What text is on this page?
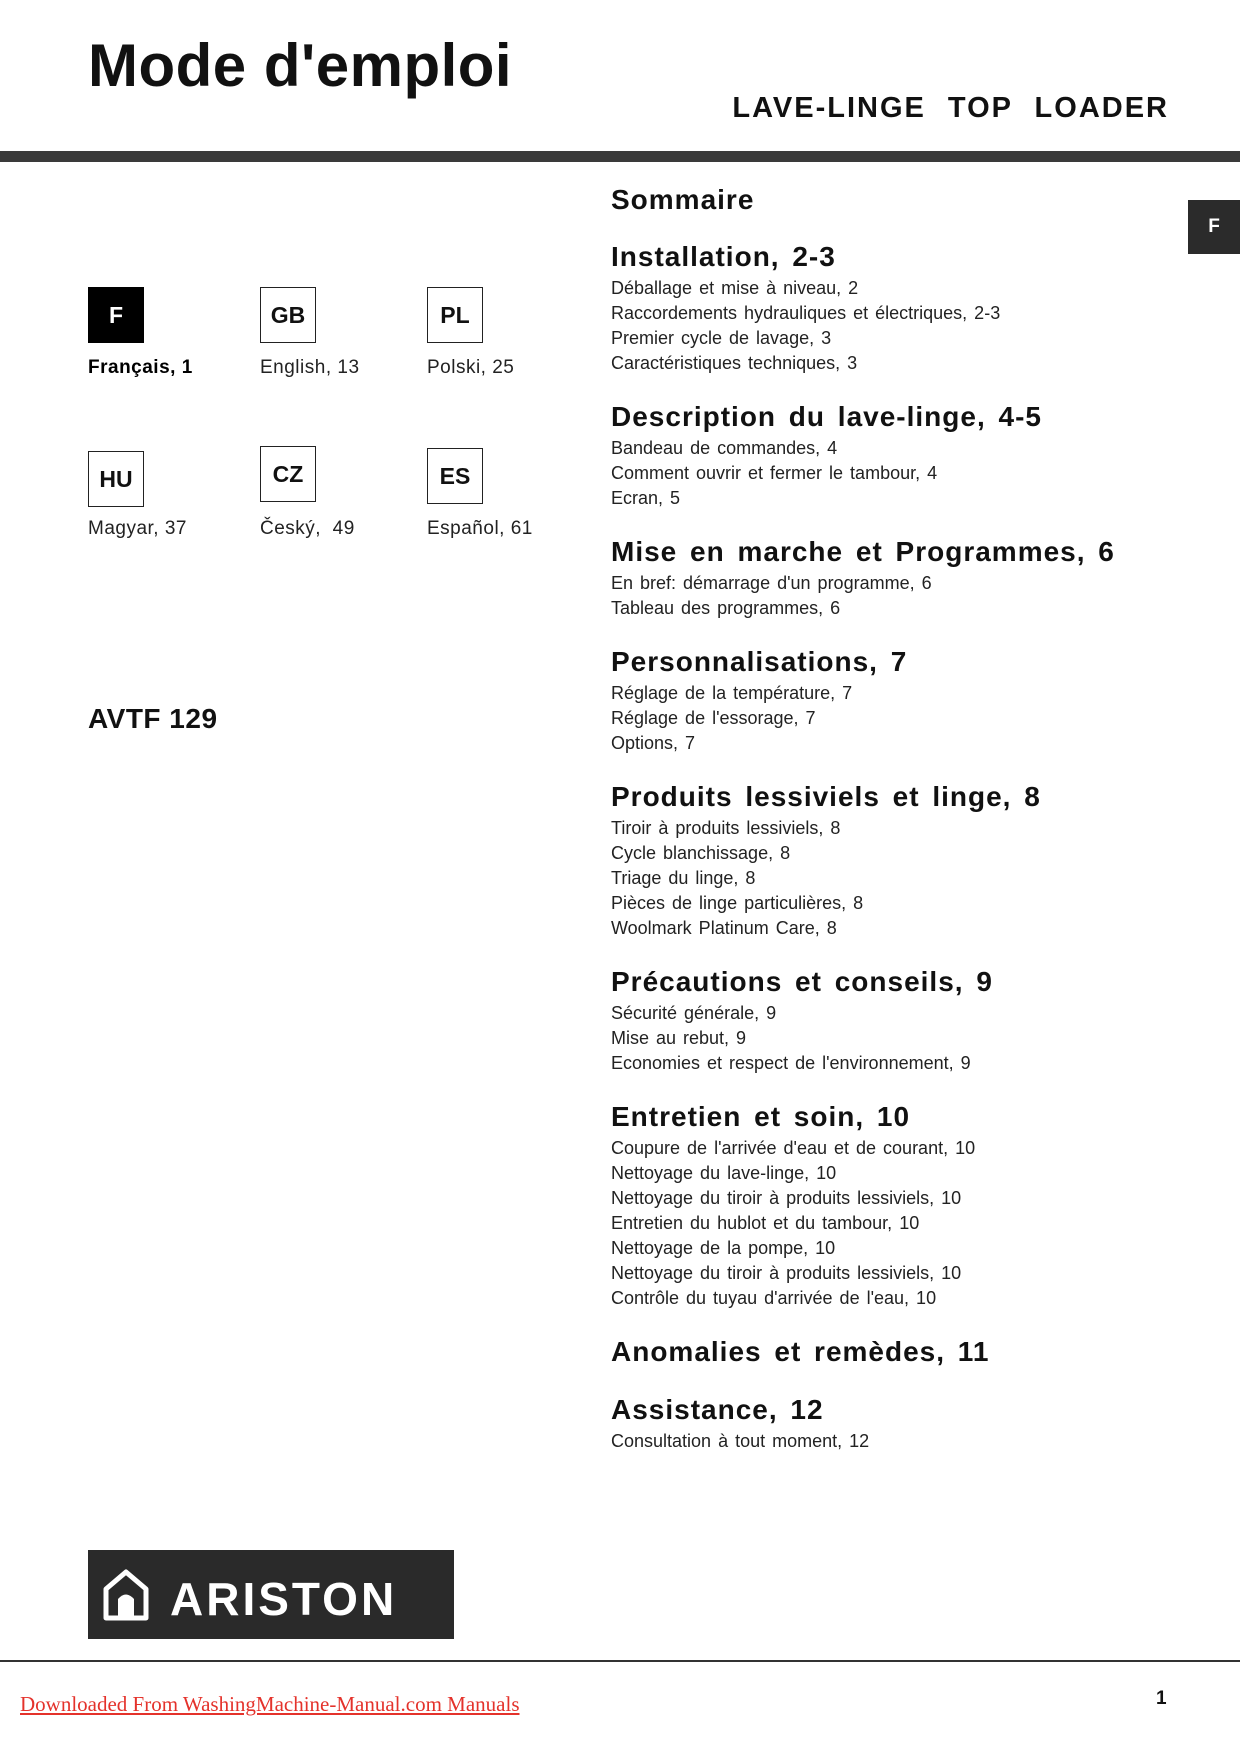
Mode d'emploi
LAVE-LINGE TOP LOADER
F
F
Français, 1
GB
English, 13
PL
Polski, 25
HU
Magyar, 37
CZ
Český,  49
ES
Español, 61
AVTF 129
Sommaire
Installation, 2-3
Déballage et mise à niveau, 2
Raccordements hydrauliques et électriques, 2-3
Premier cycle de lavage, 3
Caractéristiques techniques, 3
Description du lave-linge, 4-5
Bandeau de commandes, 4
Comment ouvrir et fermer le tambour, 4
Ecran, 5
Mise en marche et Programmes, 6
En bref: démarrage d'un programme, 6
Tableau des programmes, 6
Personnalisations, 7
Réglage de la température, 7
Réglage de l'essorage, 7
Options, 7
Produits lessiviels et linge, 8
Tiroir à produits lessiviels, 8
Cycle blanchissage, 8
Triage du linge, 8
Pièces de linge particulières, 8
Woolmark Platinum Care, 8
Précautions et conseils, 9
Sécurité générale, 9
Mise au rebut, 9
Economies et respect de l'environnement, 9
Entretien et soin, 10
Coupure de l'arrivée d'eau et de courant, 10
Nettoyage du lave-linge, 10
Nettoyage du tiroir à produits lessiviels, 10
Entretien du hublot et du tambour, 10
Nettoyage de la pompe, 10
Nettoyage du tiroir à produits lessiviels, 10
Contrôle du tuyau d'arrivée de l'eau, 10
Anomalies et remèdes, 11
Assistance, 12
Consultation à tout moment, 12
ARISTON
Downloaded From WashingMachine-Manual.com Manuals	1
